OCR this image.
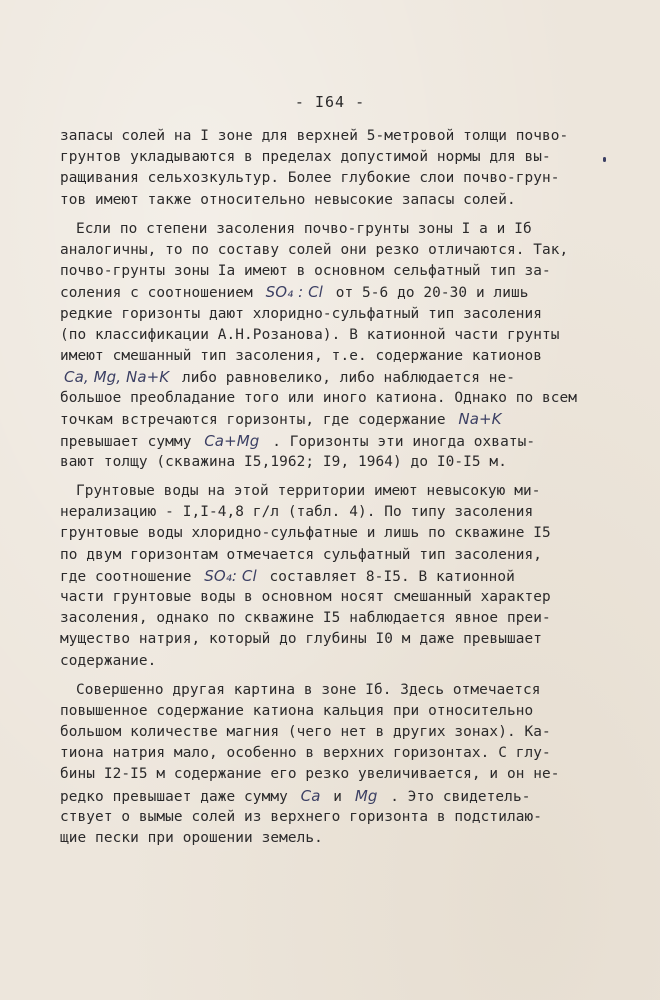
- I64 -
запасы солей на I зоне для верхней 5-метровой толщи почво-
грунтов укладываются в пределах допустимой нормы для вы-
ращивания сельхозкультур. Более глубокие слои почво-грун-
тов имеют также относительно невысокие запасы солей.
Если по степени засоления почво-грунты зоны I а и Iб
аналогичны, то по составу солей они резко отличаются. Так,
почво-грунты зоны Iа имеют в основном сельфатный тип за-
соления с соотношением SO₄ : Cl от 5-6 до 20-30 и лишь
редкие горизонты дают хлоридно-сульфатный тип засоления
(по классификации А.Н.Розанова). В катионной части грунты
имеют смешанный тип засоления, т.е. содержание катионов
Ca, Mg, Na+K либо равновелико, либо наблюдается не-
большое преобладание того или иного катиона. Однако по всем
точкам встречаются горизонты, где содержание Na+K
превышает сумму Ca+Mg . Горизонты эти иногда охваты-
вают толщу (скважина I5,1962; I9, 1964) до I0-I5 м.
Грунтовые воды на этой территории имеют невысокую ми-
нерализацию - I,I-4,8 г/л (табл. 4). По типу засоления
грунтовые воды хлоридно-сульфатные и лишь по скважине I5
по двум горизонтам отмечается сульфатный тип засоления,
где соотношение SO₄: Cl составляет 8-I5. В катионной
части грунтовые воды в основном носят смешанный характер
засоления, однако по скважине I5 наблюдается явное преи-
мущество натрия, который до глубины I0 м даже превышает
содержание.
Совершенно другая картина в зоне Iб. Здесь отмечается
повышенное содержание катиона кальция при относительно
большом количестве магния (чего нет в других зонах). Ка-
тиона натрия мало, особенно в верхних горизонтах. С глу-
бины I2-I5 м содержание его резко увеличивается, и он не-
редко превышает даже сумму Ca и Mg . Это свидетель-
ствует о вымые солей из верхнего горизонта в подстилаю-
щие пески при орошении земель.
